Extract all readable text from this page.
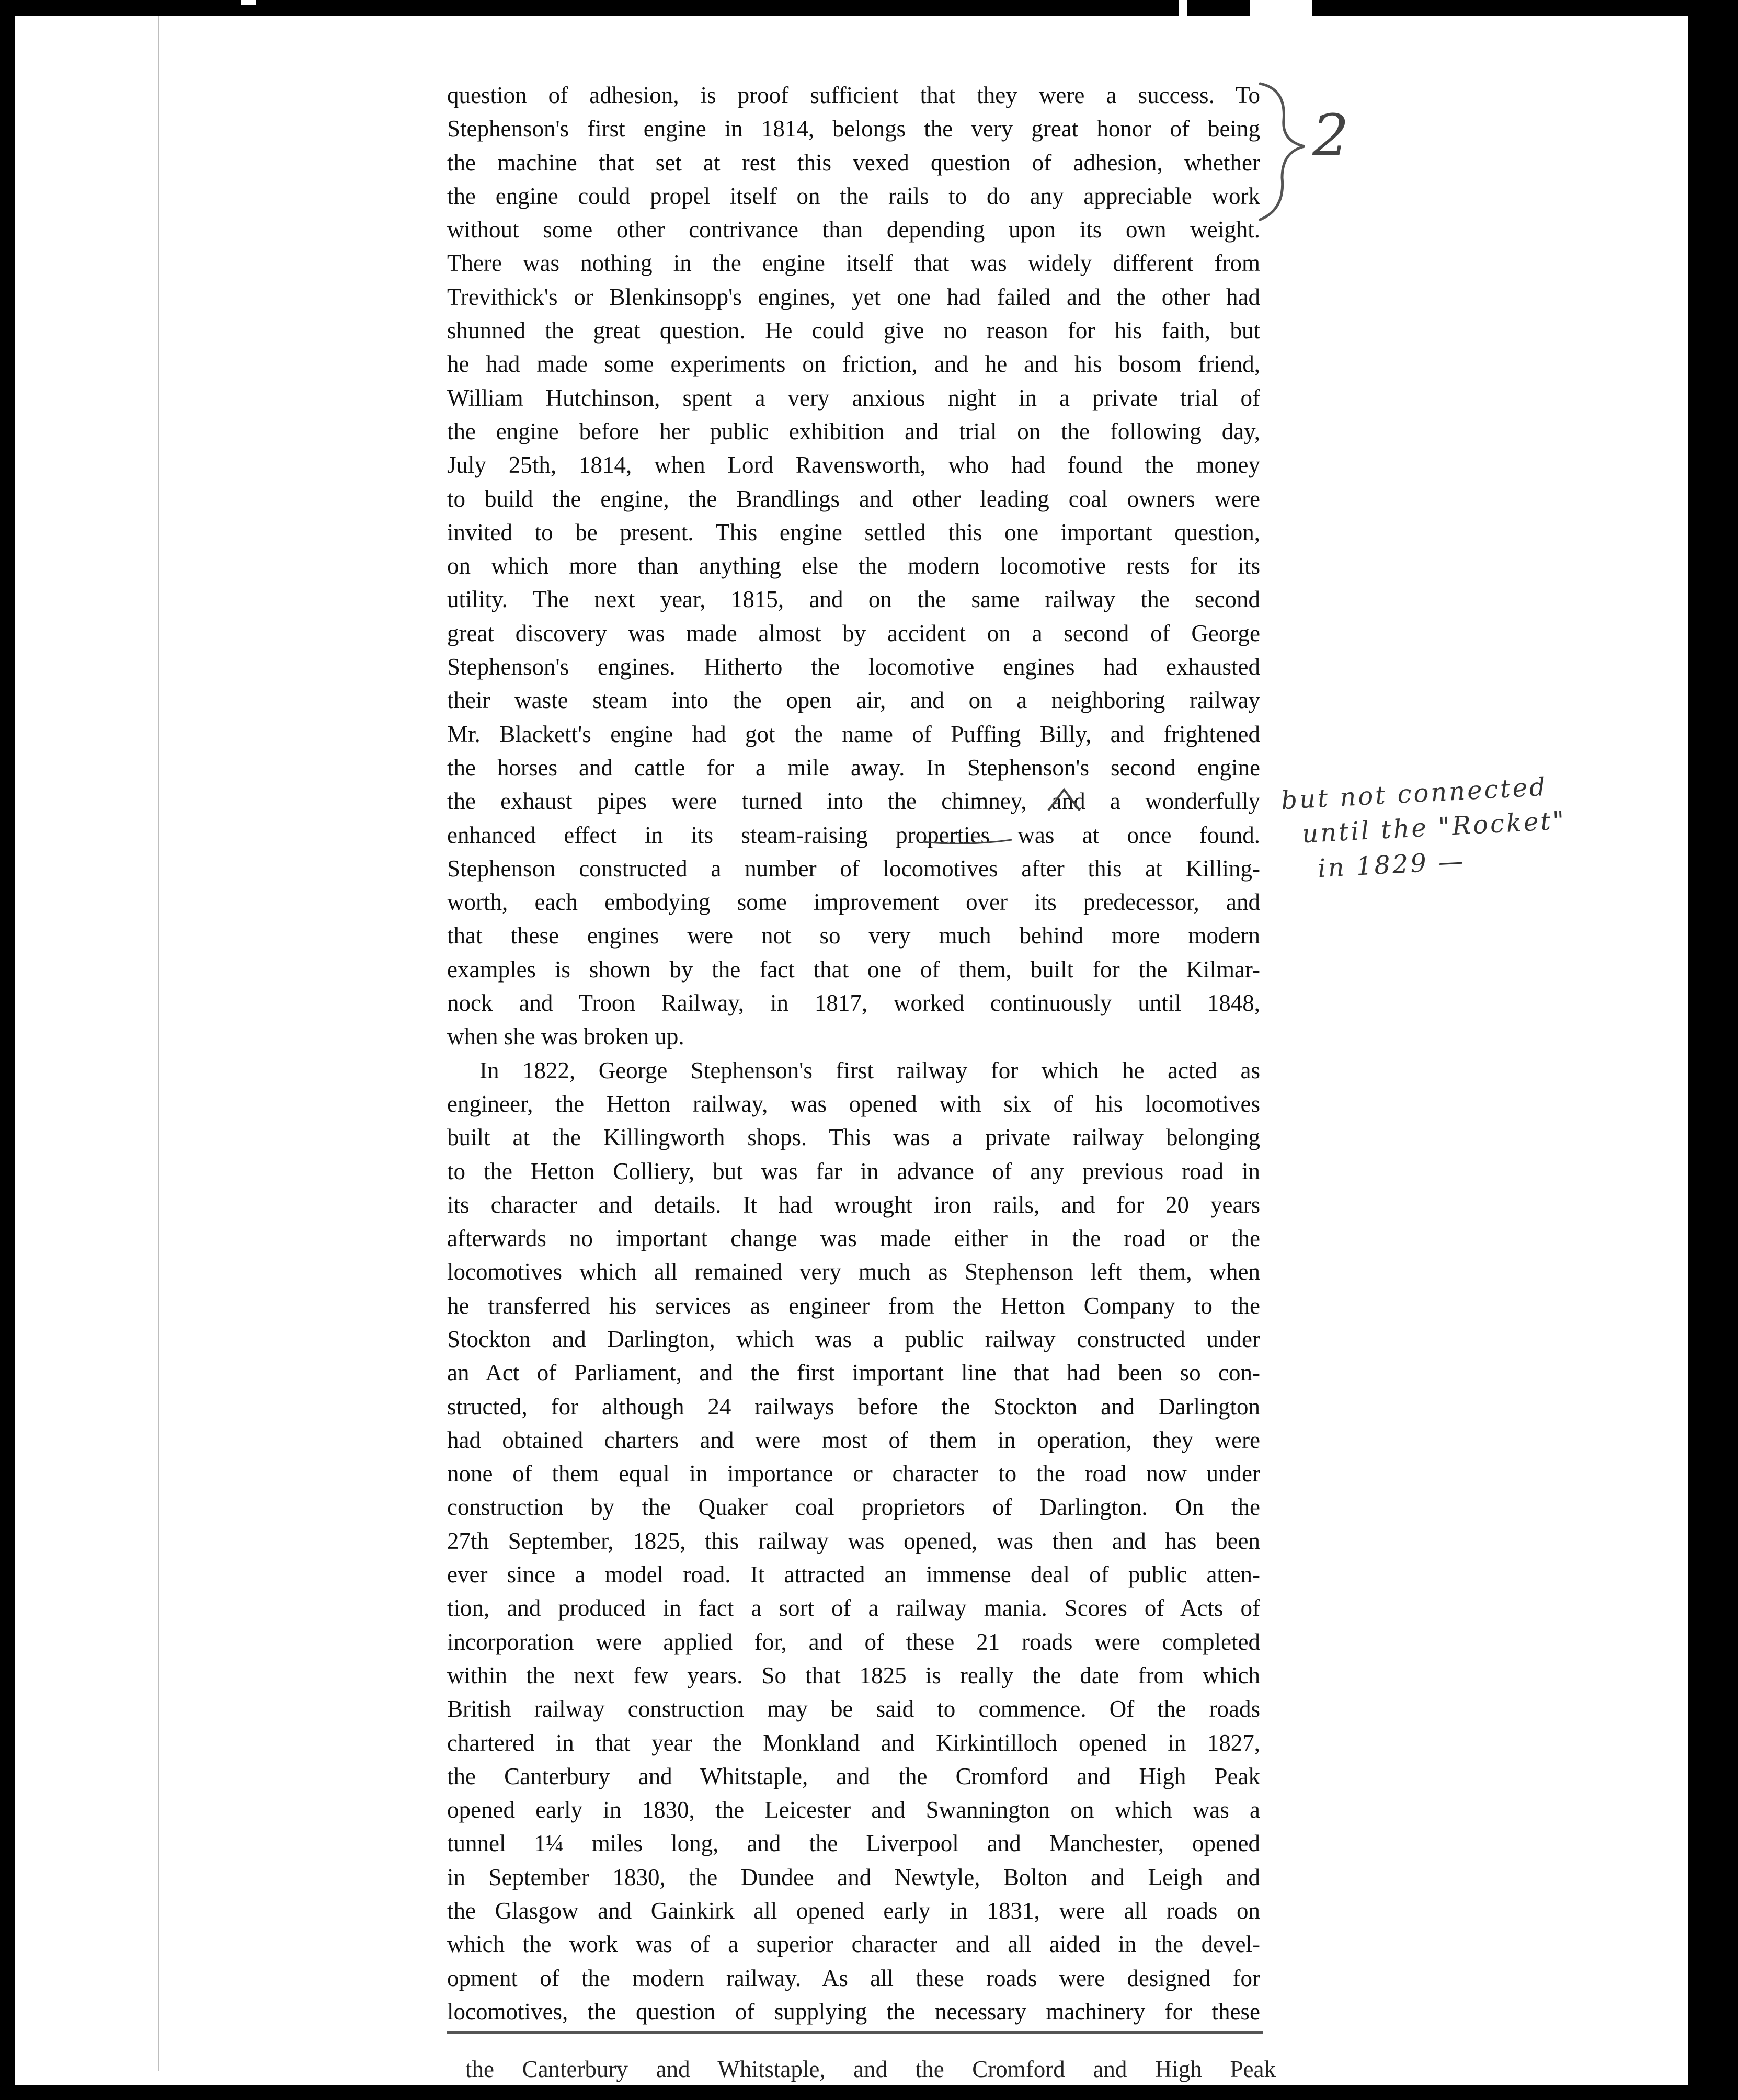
question of adhesion, is proof sufficient that they were a success. To
Stephenson's first engine in 1814, belongs the very great honor of being
the machine that set at rest this vexed question of adhesion, whether
the engine could propel itself on the rails to do any appreciable work
without some other contrivance than depending upon its own weight.
There was nothing in the engine itself that was widely different from
Trevithick's or Blenkinsopp's engines, yet one had failed and the other had
shunned the great question. He could give no reason for his faith, but
he had made some experiments on friction, and he and his bosom friend,
William Hutchinson, spent a very anxious night in a private trial of
the engine before her public exhibition and trial on the following day,
July 25th, 1814, when Lord Ravensworth, who had found the money
to build the engine, the Brandlings and other leading coal owners were
invited to be present. This engine settled this one important question,
on which more than anything else the modern locomotive rests for its
utility. The next year, 1815, and on the same railway the second
great discovery was made almost by accident on a second of George
Stephenson's engines. Hitherto the locomotive engines had exhausted
their waste steam into the open air, and on a neighboring railway
Mr. Blackett's engine had got the name of Puffing Billy, and frightened
the horses and cattle for a mile away. In Stephenson's second engine
the exhaust pipes were turned into the chimney, and a wonderfully
enhanced effect in its steam-raising properties was at once found.
Stephenson constructed a number of locomotives after this at Killing-
worth, each embodying some improvement over its predecessor, and
that these engines were not so very much behind more modern
examples is shown by the fact that one of them, built for the Kilmar-
nock and Troon Railway, in 1817, worked continuously until 1848,
when she was broken up.
In 1822, George Stephenson's first railway for which he acted as
engineer, the Hetton railway, was opened with six of his locomotives
built at the Killingworth shops. This was a private railway belonging
to the Hetton Colliery, but was far in advance of any previous road in
its character and details. It had wrought iron rails, and for 20 years
afterwards no important change was made either in the road or the
locomotives which all remained very much as Stephenson left them, when
he transferred his services as engineer from the Hetton Company to the
Stockton and Darlington, which was a public railway constructed under
an Act of Parliament, and the first important line that had been so con-
structed, for although 24 railways before the Stockton and Darlington
had obtained charters and were most of them in operation, they were
none of them equal in importance or character to the road now under
construction by the Quaker coal proprietors of Darlington. On the
27th September, 1825, this railway was opened, was then and has been
ever since a model road. It attracted an immense deal of public atten-
tion, and produced in fact a sort of a railway mania. Scores of Acts of
incorporation were applied for, and of these 21 roads were completed
within the next few years. So that 1825 is really the date from which
British railway construction may be said to commence. Of the roads
chartered in that year the Monkland and Kirkintilloch opened in 1827,
the Canterbury and Whitstaple, and the Cromford and High Peak
opened early in 1830, the Leicester and Swannington on which was a
tunnel 1¼ miles long, and the Liverpool and Manchester, opened
in September 1830, the Dundee and Newtyle, Bolton and Leigh and
the Glasgow and Gainkirk all opened early in 1831, were all roads on
which the work was of a superior character and all aided in the devel-
opment of the modern railway. As all these roads were designed for
locomotives, the question of supplying the necessary machinery for these
the Canterbury and Whitstaple, and the Cromford and High Peak
2
but not connected
until the "Rocket"
in 1829 —
